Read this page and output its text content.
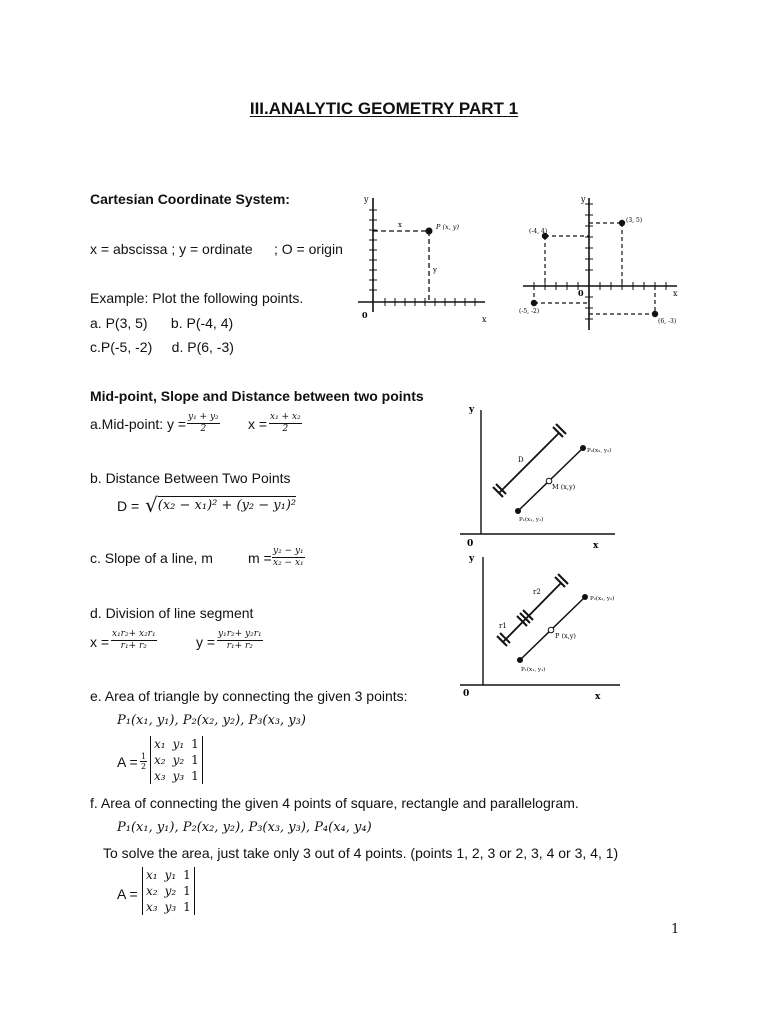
III.ANALYTIC GEOMETRY PART 1
Cartesian Coordinate System:
x = abscissa ; y = ordinate ; O = origin
Example: Plot the following points.
a. P(3, 5)      b. P(-4, 4)
c.P(-5, -2)     d. P(6, -3)
y
x
0
x
y
P (x, y)
y
x
0
(3, 5)
(-4, 4)
(-5, -2)
(6, -3)
Mid-point, Slope and Distance between two points
a.Mid-point: $y = \frac{\text{y₁ + y₂}}{2}$ $x = \frac{\text{x₁ + x₂}}{2}$
b. Distance Between Two Points
D = √(x₂ − x₁)² + (y₂ − y₁)²
c. Slope of a line, m	$m = \frac{\text{y₂ − y₁}}{\text{x₂ − x₁}}$
d. Division of line segment
$x = \frac{\text{x₁r₂+ x₂r₁}}{\text{r₁+ r₂}}$	$y = \frac{\text{y₁r₂+ y₂r₁}}{\text{r₁+ r₂}}$
y
x
0
D
P₂(x₂, y₂)
M (x,y)
P₁(x₁, y₁)
y
x
0
r1
r2
P₂(x₂, y₂)
P (x,y)
P₁(x₁, y₁)
e. Area of triangle by connecting the given 3 points:
P₁(x₁, y₁), P₂(x₂, y₂), P₃(x₃, y₃)
$A = \frac{1}{2}$
x₁	y₁	1
x₂	y₂	1
x₃	y₃	1
f. Area of connecting the given 4 points of square, rectangle and parallelogram.
P₁(x₁, y₁), P₂(x₂, y₂), P₃(x₃, y₃), P₄(x₄, y₄)
To solve the area, just take only 3 out of 4 points. (points 1, 2, 3 or 2, 3, 4 or 3, 4, 1)
A =
x₁	y₁	1
x₂	y₂	1
x₃	y₃	1
1
